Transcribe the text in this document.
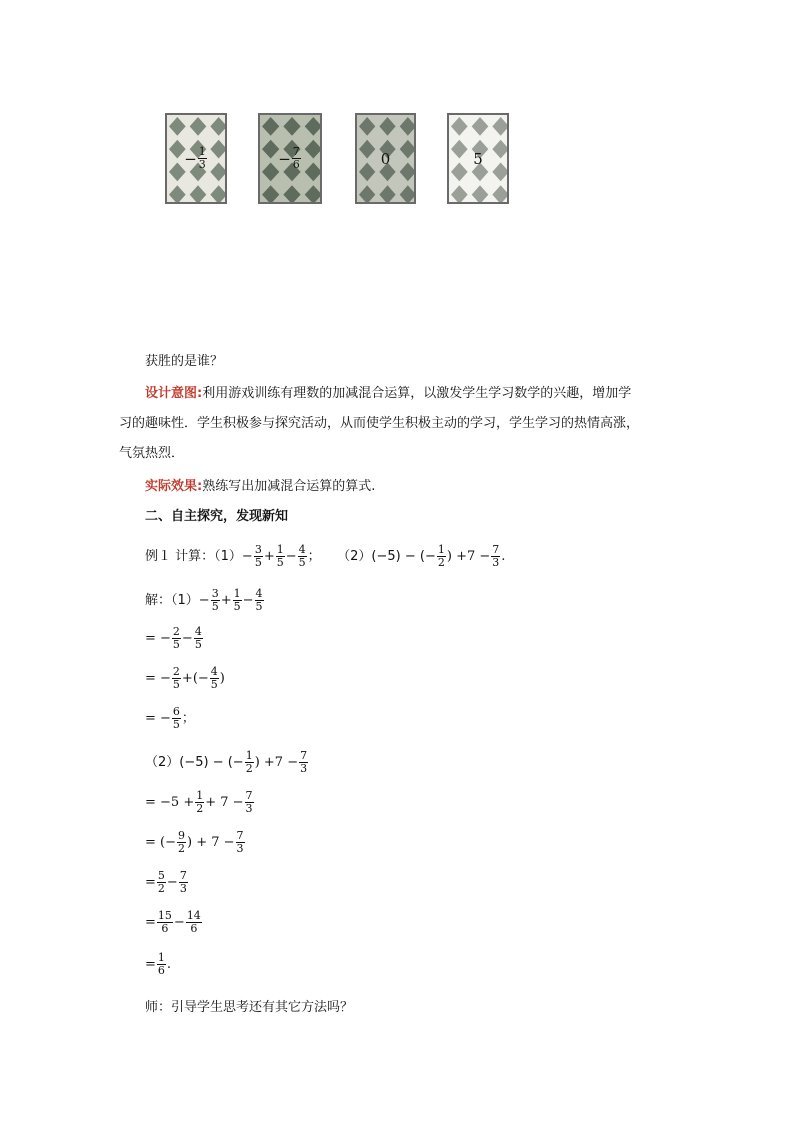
− $\frac{1}{3}$	− $\frac{7}{6}$	0	5
获胜的是谁？
设计意图:利用游戏训练有理数的加减混合运算，以激发学生学习数学的兴趣，增加学
习的趣味性．学生积极参与探究活动，从而使学生积极主动的学习，学生学习的热情高涨，
气氛热烈．
实际效果:熟练写出加减混合运算的算式.
二、自主探究，发现新知
例１ 计算：$(1)- \frac{3}{5} + \frac{1}{5} - \frac{4}{5}$ ；    （2）(−5) − (− $\frac{1}{2}$ ) $+7 - \frac{7}{3}$ .
解：$(1)- \frac{3}{5} + \frac{1}{5} - \frac{4}{5}$
= − $\frac{2}{5} - \frac{4}{5}$
= − $\frac{2}{5}$ +(− $\frac{4}{5}$ )
= − $\frac{6}{5}$ ；
（2）(−5) − (− $\frac{1}{2}$ ) $+7 - \frac{7}{3}$
= $-5 + \frac{1}{2} + 7 - \frac{7}{3}$
= (− $\frac{9}{2}$ ) + $7 - \frac{7}{3}$
= $\frac{5}{2} - \frac{7}{3}$
= $\frac{15}{6} - \frac{14}{6}$
= $\frac{1}{6}$ .
师：引导学生思考还有其它方法吗？
